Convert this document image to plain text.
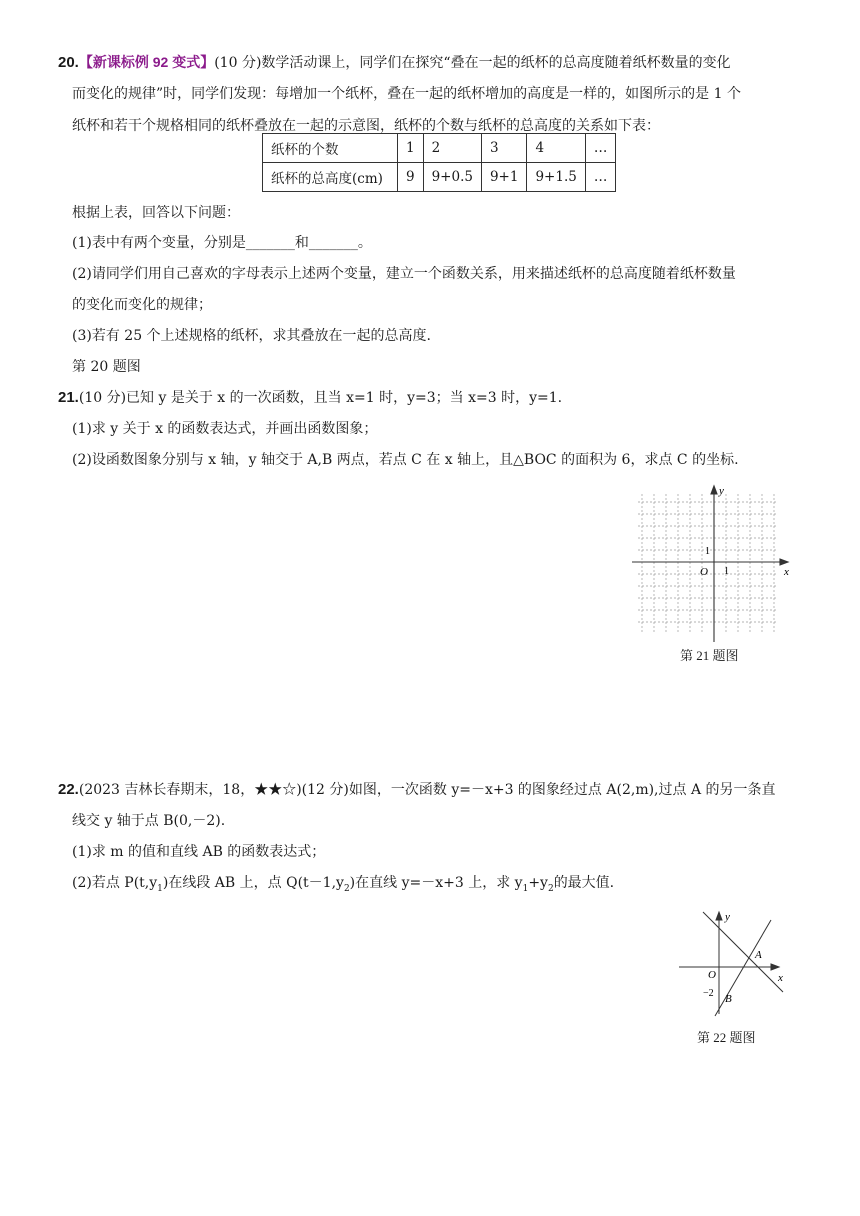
20.【新课标例 92 变式】(10 分)数学活动课上，同学们在探究“叠在一起的纸杯的总高度随着纸杯数量的变化
而变化的规律”时，同学们发现：每增加一个纸杯，叠在一起的纸杯增加的高度是一样的，如图所示的是 1 个
纸杯和若干个规格相同的纸杯叠放在一起的示意图，纸杯的个数与纸杯的总高度的关系如下表：
纸杯的个数	1	2	3	4	…
纸杯的总高度(cm)	9	9+0.5	9+1	9+1.5	…
根据上表，回答以下问题：
(1)表中有两个变量，分别是_______和_______。
(2)请同学们用自己喜欢的字母表示上述两个变量，建立一个函数关系，用来描述纸杯的总高度随着纸杯数量
的变化而变化的规律；
(3)若有 25 个上述规格的纸杯，求其叠放在一起的总高度.
第 20 题图
21.(10 分)已知 y 是关于 x 的一次函数，且当 x=1 时，y=3；当 x=3 时，y=1.
(1)求 y 关于 x 的函数表达式，并画出函数图象；
(2)设函数图象分别与 x 轴，y 轴交于 A,B 两点，若点 C 在 x 轴上，且△BOC 的面积为 6，求点 C 的坐标.
y
x
O 1
1
第 21 题图
22.(2023 吉林长春期末，18，★★☆)(12 分)如图，一次函数 y=－x+3 的图象经过点 A(2,m),过点 A 的另一条直
线交 y 轴于点 B(0,－2).
(1)求 m 的值和直线 AB 的函数表达式；
(2)若点 $P(t,y_1)$在线段 AB 上，点 $Q(t-1,y_2)$在直线 y=－x+3 上，求 $y_1+y_2$的最大值.
y
x
O
A
B
−2
第 22 题图
